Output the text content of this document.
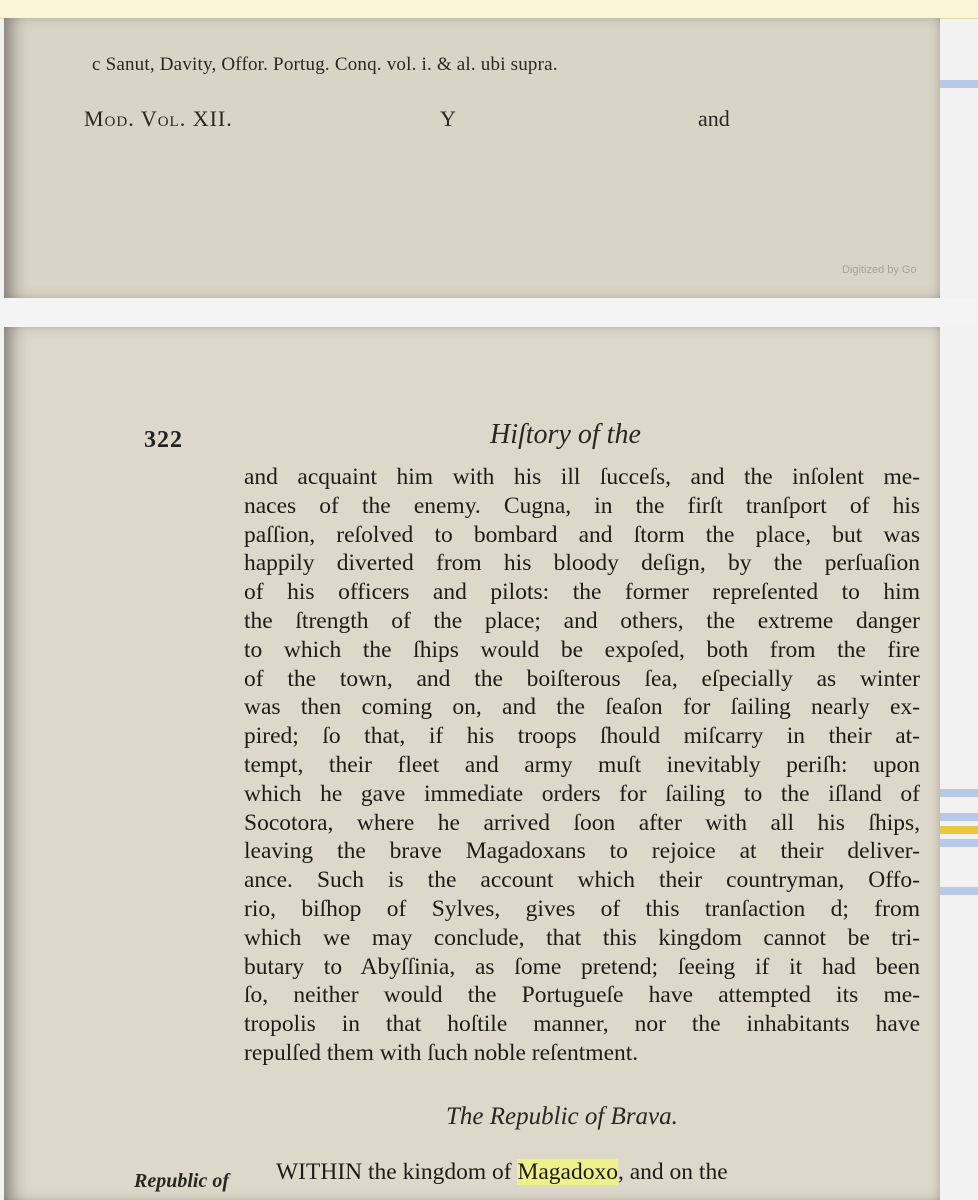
c Sanut, Davity, Offor. Portug. Conq. vol. i. & al. ubi supra.
Mod. Vol. XII.	Y	and
Digitized by Go
322	Hiſtory of the
and acquaint him with his ill ſucceſs, and the inſolent me-
naces of the enemy. Cugna, in the firſt tranſport of his
paſſion, reſolved to bombard and ſtorm the place, but was
happily diverted from his bloody deſign, by the perſuaſion
of his officers and pilots: the former repreſented to him
the ſtrength of the place; and others, the extreme danger
to which the ſhips would be expoſed, both from the fire
of the town, and the boiſterous ſea, eſpecially as winter
was then coming on, and the ſeaſon for ſailing nearly ex-
pired; ſo that, if his troops ſhould miſcarry in their at-
tempt, their fleet and army muſt inevitably periſh: upon
which he gave immediate orders for ſailing to the iſland of
Socotora, where he arrived ſoon after with all his ſhips,
leaving the brave Magadoxans to rejoice at their deliver-
ance. Such is the account which their countryman, Offo-
rio, biſhop of Sylves, gives of this tranſaction d; from
which we may conclude, that this kingdom cannot be tri-
butary to Abyſſinia, as ſome pretend; ſeeing if it had been
ſo, neither would the Portugueſe have attempted its me-
tropolis in that hoſtile manner, nor the inhabitants have
repulſed them with ſuch noble reſentment.
The Republic of Brava.
Republic of WITHIN the kingdom of Magadoxo, and on the
